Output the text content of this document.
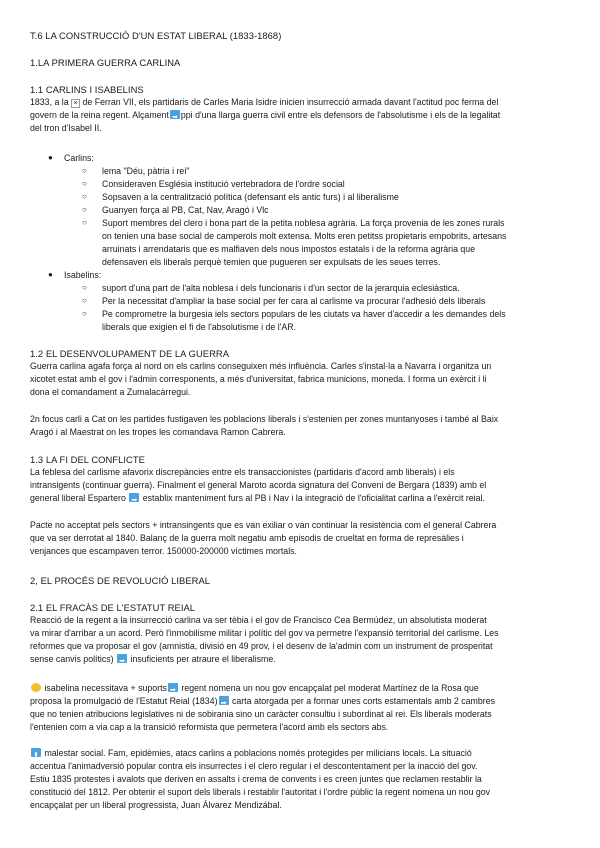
T.6 LA CONSTRUCCIÓ D'UN ESTAT LIBERAL (1833-1868)
1.LA PRIMERA GUERRA CARLINA
1.1 CARLINS I ISABELINS
1833, a la × de Ferran VII, els partidaris de Carles Maria Isidre inicien insurrecció armada davant l'actitud poc ferma del
govern de la reina regent. Alçament ➡ ppi d'una llarga guerra civil entre els defensors de l'absolutisme i els de la legalitat
del tron d'Isabel II.
● Carlins:
○ lema "Déu, pàtria i rei"
○ Consideraven Església institució vertebradora de l'ordre social
○ Sopsaven a la centralització política (defensant els antic furs) i al liberalisme
○ Guanyen força al PB, Cat, Nav, Aragó i Vlc
○ Suport membres del clero i bona part de la petita noblesa agrària. La força provenia de les zones rurals
on tenien una base social de camperols molt extensa. Molts eren petitss propietaris empobrits, artesans
arruinats i arrendataris que es malfiaven dels nous impostos estatals i de la reforma agrària que
defensaven els liberals perquè temien que pugueren ser expulsats de les seues terres.
● Isabelins:
○ suport d'una part de l'alta noblesa i dels funcionaris i d'un sector de la jerarquia eclesiàstica.
○ Per la necessitat d'ampliar la base social per fer cara al carlisme va procurar l'adhesió dels liberals
○ Pe comprometre la burgesia iels sectors populars de les ciutats va haver d'accedir a les demandes dels
liberals que exigien el fi de l'absolutisme i de l'AR.
1.2 EL DESENVOLUPAMENT DE LA GUERRA
Guerra carlina agafa força al nord on els carlins conseguixen més influència. Carles s'instal·la a Navarra i organitza un
xicotet estat amb el gov i l'admin corresponents, a més d'universitat, fabrica municions, moneda. I forma un exèrcit i li
dona el comandament a Zumalacàrregui.
2n focus carli a Cat on les partides fustigaven les poblacions liberals i s'estenien per zones muntanyoses i també al Baix
Aragó i al Maestrat on les tropes les comandava Ramon Cabrera.
1.3 LA FI DEL CONFLICTE
La feblesa del carlisme afavorix discrepàncies entre els transaccionistes (partidaris d'acord amb liberals) i els
intransigents (continuar guerra). Finalment el general Maroto acorda signatura del Conveni de Bergara (1839) amb el
general liberal Espartero ➡ establix manteniment furs al PB i Nav i la integració de l'oficialitat carlina a l'exèrcit reial.
Pacte no acceptat pels sectors + intransingents que es van exiliar o van continuar la resistència com el general Cabrera
que va ser derrotat al 1840. Balanç de la guerra molt negatiu amb episodis de crueltat en forma de represàlies i
venjances que escampaven terror. 150000-200000 víctimes mortals.
2, EL PROCÉS DE REVOLUCIÓ LIBERAL
2.1 EL FRACÀS DE L'ESTATUT REIAL
Reacció de la regent a la insurrecció carlina va ser tèbia i el gov de Francisco Cea Bermúdez, un absolutista moderat
va mirar d'arribar a un acord. Però l'inmobilisme militar i polític del gov va permetre l'expansió territorial del carlisme. Les
reformes que va proposar el gov (amnistia, divisió en 49 prov, i el desenv de la'admin com un instrument de prosperitat
sense canvis polítics) ➡ insuficients per atraure el liberalisme.
isabelina necessitava + suports ➡ regent nomena un nou gov encapçalat pel moderat Martínez de la Rosa que
proposa la promulgació de l'Estatut Reial (1834) ➡ carta atorgada per a formar unes corts estamentals amb 2 cambres
que no tenien atribucions legislatives ni de sobirania sino un caràcter consultiu i subordinat al rei. Els liberals moderats
l'entenien com a via cap a la transició reformista que permetera l'acord amb els sectors abs.
⬆ malestar social. Fam, epidèmies, atacs carlins a poblacions només protegides per milicians locals. La situació
accentua l'animadversió popular contra els insurrectes i el clero regular i el descontentament per la inacció del gov.
Estiu 1835 protestes i avalots que deriven en assalts i crema de convents i es creen juntes que reclamen restablir la
constitució del 1812. Per obtenir el suport dels liberals i restablir l'autoritat i l'ordre públic la regent nomena un nou gov
encapçalat per un liberal progressista, Juan Álvarez Mendizábal.
